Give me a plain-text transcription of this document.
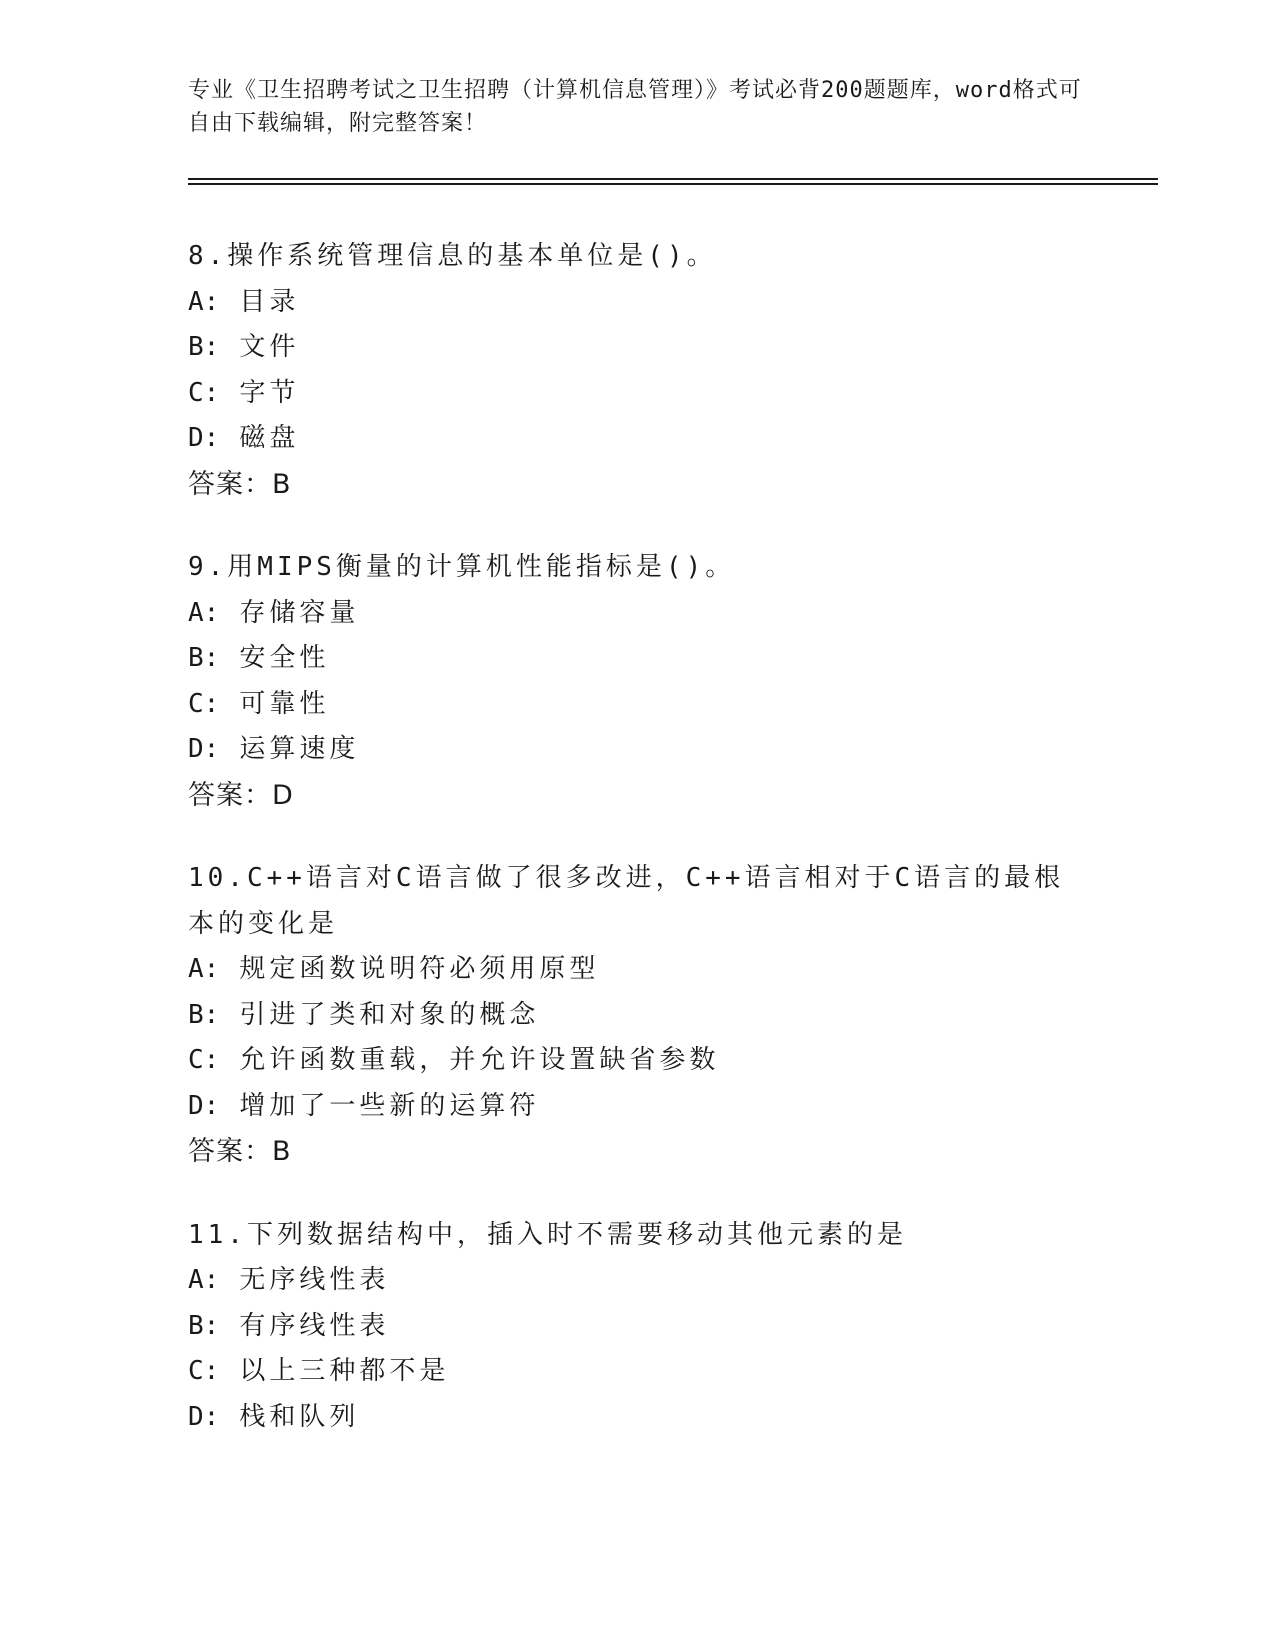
专业《卫生招聘考试之卫生招聘（计算机信息管理）》考试必背200题题库，word格式可自由下载编辑，附完整答案！
8.操作系统管理信息的基本单位是()。
A: 目录
B: 文件
C: 字节
D: 磁盘
答案：B
9.用MIPS衡量的计算机性能指标是()。
A: 存储容量
B: 安全性
C: 可靠性
D: 运算速度
答案：D
10.C++语言对C语言做了很多改进，C++语言相对于C语言的最根本的变化是
A: 规定函数说明符必须用原型
B: 引进了类和对象的概念
C: 允许函数重载，并允许设置缺省参数
D: 增加了一些新的运算符
答案：B
11.下列数据结构中，插入时不需要移动其他元素的是
A: 无序线性表
B: 有序线性表
C: 以上三种都不是
D: 栈和队列
